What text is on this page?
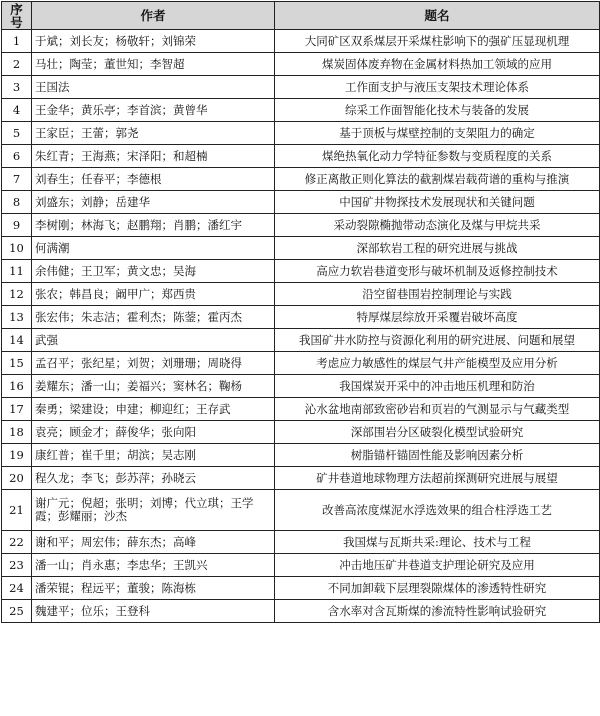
序号	作者	题名
1	于斌；刘长友；杨敬轩；刘锦荣	大同矿区双系煤层开采煤柱影响下的强矿压显现机理
2	马壮；陶莹；董世知；李智超	煤炭固体废弃物在金属材料热加工领域的应用
3	王国法	工作面支护与液压支架技术理论体系
4	王金华；黄乐亭；李首滨；黄曾华	综采工作面智能化技术与装备的发展
5	王家臣；王蕾；郭尧	基于顶板与煤壁控制的支架阻力的确定
6	朱红青；王海燕；宋泽阳；和超楠	煤绝热氧化动力学特征参数与变质程度的关系
7	刘春生；任春平；李德根	修正离散正则化算法的截割煤岩载荷谱的重构与推演
8	刘盛东；刘静；岳建华	中国矿井物探技术发展现状和关键问题
9	李树刚；林海飞；赵鹏翔；肖鹏；潘红宇	采动裂隙椭抛带动态演化及煤与甲烷共采
10	何满潮	深部软岩工程的研究进展与挑战
11	余伟健；王卫军；黄文忠；吴海	高应力软岩巷道变形与破坏机制及返修控制技术
12	张农；韩昌良；阚甲广；郑西贵	沿空留巷围岩控制理论与实践
13	张宏伟；朱志洁；霍利杰；陈蓥；霍丙杰	特厚煤层综放开采覆岩破坏高度
14	武强	我国矿井水防控与资源化利用的研究进展、问题和展望
15	孟召平；张纪星；刘贺；刘珊珊；周晓得	考虑应力敏感性的煤层气井产能模型及应用分析
16	姜耀东；潘一山；姜福兴；窦林名；鞠杨	我国煤炭开采中的冲击地压机理和防治
17	秦勇；梁建设；申建；柳迎红；王存武	沁水盆地南部致密砂岩和页岩的气测显示与气藏类型
18	袁亮；顾金才；薛俊华；张向阳	深部围岩分区破裂化模型试验研究
19	康红普；崔千里；胡滨；吴志刚	树脂锚杆锚固性能及影响因素分析
20	程久龙；李飞；彭苏萍；孙晓云	矿井巷道地球物理方法超前探测研究进展与展望
21	谢广元；倪超；张明；刘博；代立琪；王学霞；彭耀丽；沙杰	改善高浓度煤泥水浮选效果的组合柱浮选工艺
22	谢和平；周宏伟；薛东杰；高峰	我国煤与瓦斯共采:理论、技术与工程
23	潘一山；肖永惠；李忠华；王凯兴	冲击地压矿井巷道支护理论研究及应用
24	潘荣锟；程远平；董骏；陈海栋	不同加卸载下层理裂隙煤体的渗透特性研究
25	魏建平；位乐；王登科	含水率对含瓦斯煤的渗流特性影响试验研究
